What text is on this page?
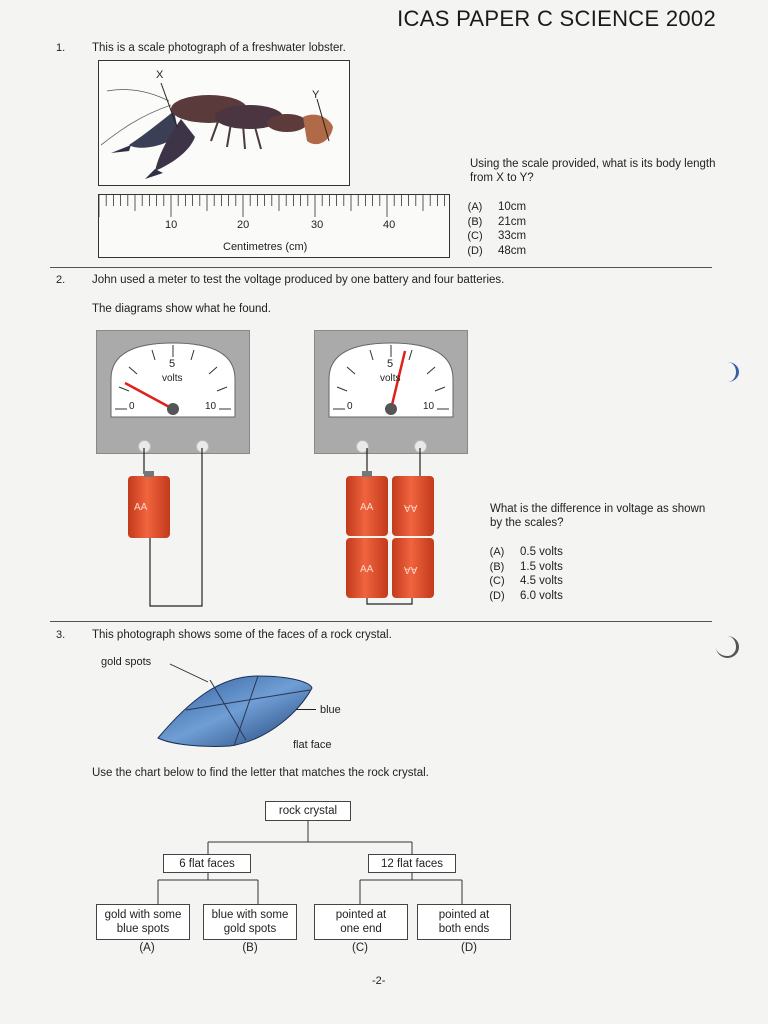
ICAS PAPER C SCIENCE 2002
1. This is a scale photograph of a freshwater lobster.
X
Y
10	20	30	40
Centimetres (cm)
Using the scale provided, what is its body length from X to Y?
(A)	10cm
(B)	21cm
(C)	33cm
(D)	48cm
2. John used a meter to test the voltage produced by one battery and four batteries.
The diagrams show what he found.
5
volts
0	10
5
volts
0	10
AA	AA
AA
AA
AA
What is the difference in voltage as shown by the scales?
(A)	0.5 volts
(B)	1.5 volts
(C)	4.5 volts
(D)	6.0 volts
3. This photograph shows some of the faces of a rock crystal.
gold spots
blue
flat face
Use the chart below to find the letter that matches the rock crystal.
rock crystal
6 flat faces	12 flat faces
gold with some
blue spots
blue with some
gold spots
pointed at
one end
pointed at
both ends
(A)	(B)	(C)	(D)
-2-
